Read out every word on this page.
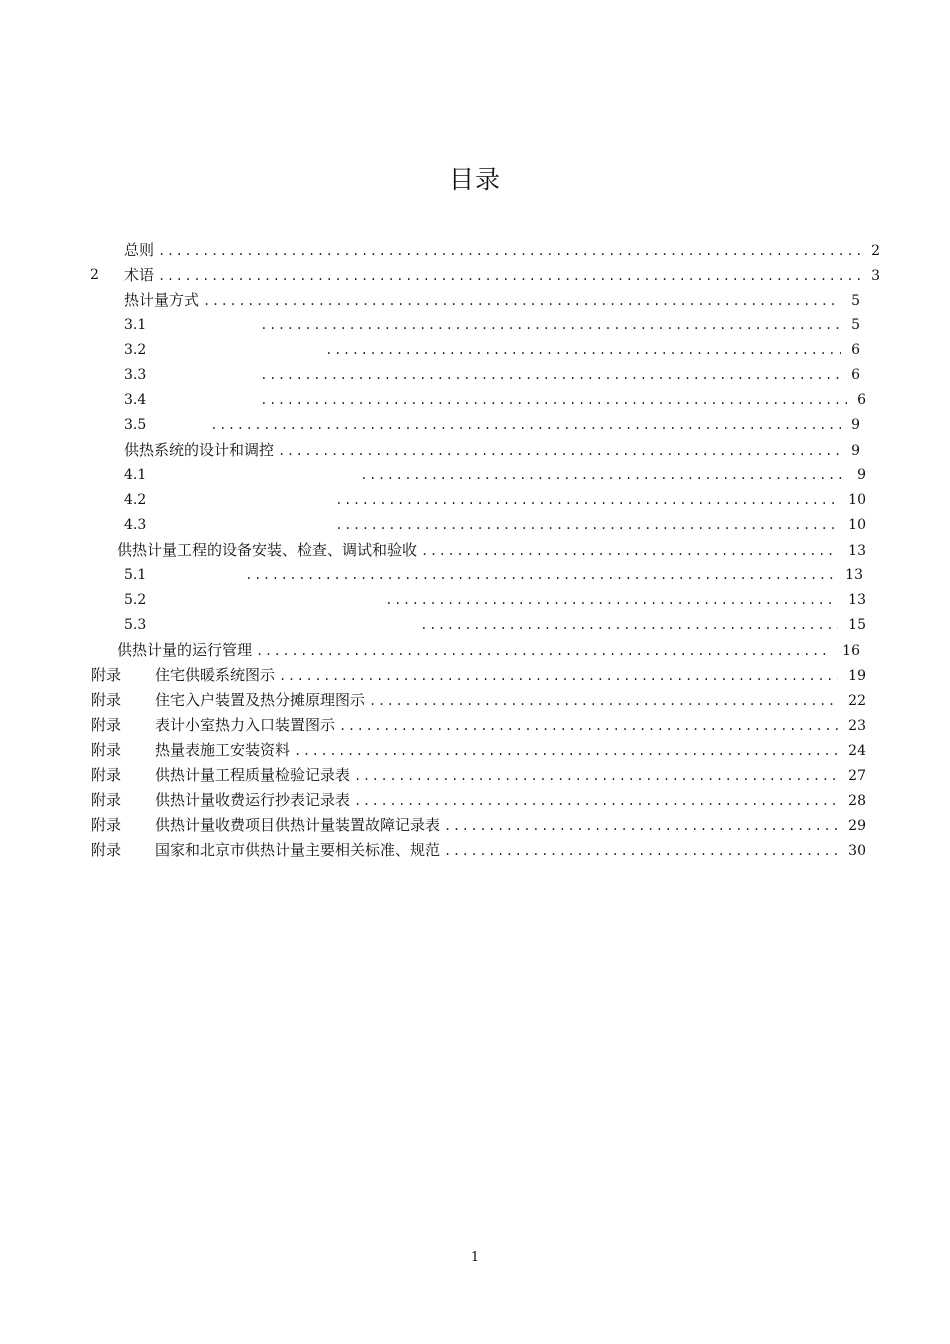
目录
总则 .....	2
2 术语 .....	3
热计量方式 .....	5
3.1 .....	5
3.2 .....	6
3.3 .....	6
3.4 .....	6
3.5 .....	9
供热系统的设计和调控 .....	9
4.1 .....	9
4.2 .....	10
4.3 .....	10
供热计量工程的设备安装、检查、调试和验收 .....	13
5.1 .....	13
5.2 .....	13
5.3 .....	15
供热计量的运行管理 .....	16
附录 住宅供暖系统图示 .....	19
附录 住宅入户装置及热分摊原理图示 .....	22
附录 表计小室热力入口装置图示 .....	23
附录 热量表施工安装资料 .....	24
附录 供热计量工程质量检验记录表 .....	27
附录 供热计量收费运行抄表记录表 .....	28
附录 供热计量收费项目供热计量装置故障记录表 .....	29
附录 国家和北京市供热计量主要相关标准、规范 .....	30
1
